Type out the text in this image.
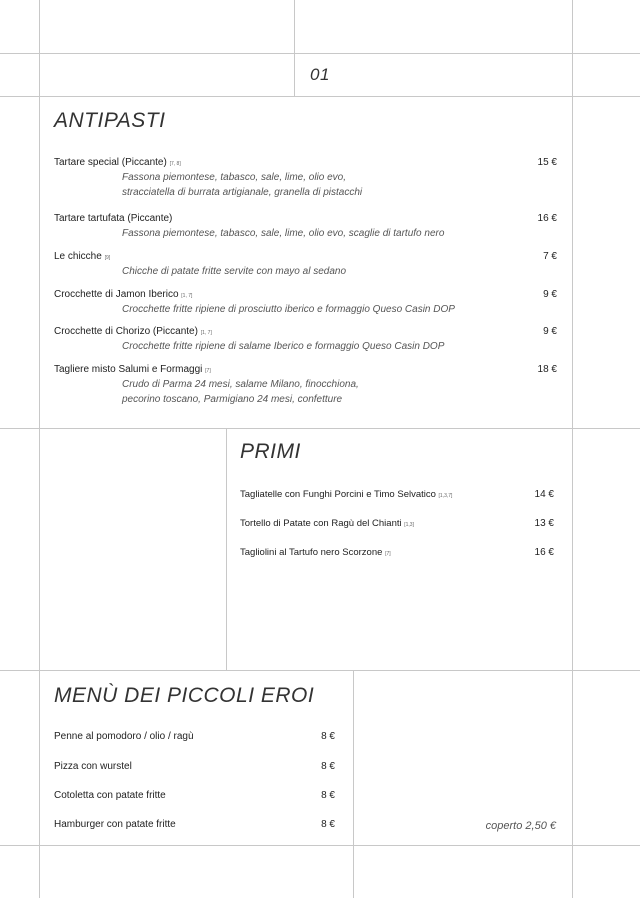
01
ANTIPASTI
PRIMI
MENÙ DEI PICCOLI EROI
coperto 2,50 €
Tartare special (Piccante) [7, 8]	15 €
Fassona piemontese, tabasco, sale, lime, olio evo,
stracciatella di burrata artigianale, granella di pistacchi
Tartare tartufata (Piccante)	16 €
Fassona piemontese, tabasco, sale, lime, olio evo, scaglie di tartufo nero
Le chicche [9]	7 €
Chicche di patate fritte servite con mayo al sedano
Crocchette di Jamon Iberico [1, 7]	9 €
Crocchette fritte ripiene di prosciutto iberico e formaggio Queso Casin DOP
Crocchette di Chorizo (Piccante) [1, 7]	9 €
Crocchette fritte ripiene di salame Iberico e formaggio Queso Casin DOP
Tagliere misto Salumi e Formaggi [7]	18 €
Crudo di Parma 24 mesi, salame Milano, finocchiona,
pecorino toscano, Parmigiano 24 mesi, confetture
Tagliatelle con Funghi Porcini e Timo Selvatico [1,3,7]	14 €
Tortello di Patate con Ragù del Chianti [1,3]	13 €
Tagliolini al Tartufo nero Scorzone [7]	16 €
Penne al pomodoro / olio / ragù	8 €
Pizza con wurstel	8 €
Cotoletta con patate fritte	8 €
Hamburger con patate fritte	8 €
